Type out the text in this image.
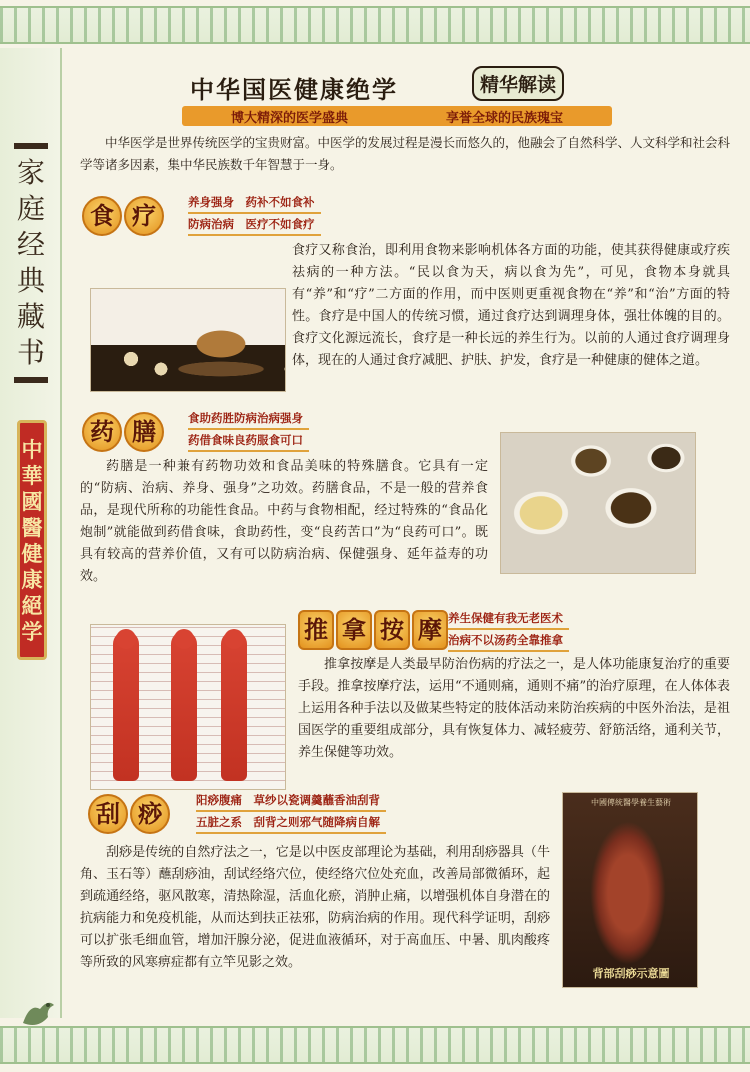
家庭经典藏书
中華國醫健康絕学
中华国医健康绝学	精华解读
博大精深的医学盛典	享誉全球的民族瑰宝
中华医学是世界传统医学的宝贵财富。中医学的发展过程是漫长而悠久的，他融会了自然科学、人文科学和社会科学等诸多因素，集中华民族数千年智慧于一身。
食 疗	养身强身　药补不如食补
防病治病　医疗不如食疗
食疗又称食治，即利用食物来影响机体各方面的功能，使其获得健康或疗疾祛病的一种方法。“民以食为天，病以食为先”，可见，食物本身就具有“养”和“疗”二方面的作用，而中医则更重视食物在“养”和“治”方面的特性。食疗是中国人的传统习惯，通过食疗达到调理身体，强壮体魄的目的。食疗文化源远流长，食疗是一种长远的养生行为。以前的人通过食疗调理身体，现在的人通过食疗减肥、护肤、护发，食疗是一种健康的健体之道。
药 膳	食助药胜防病治病强身
药借食味良药服食可口
药膳是一种兼有药物功效和食品美味的特殊膳食。它具有一定的“防病、治病、养身、强身”之功效。药膳食品，不是一般的营养食品，是现代所称的功能性食品。中药与食物相配，经过特殊的“食品化炮制”就能做到药借食味，食助药性，变“良药苦口”为“良药可口”。既具有较高的营养价值，又有可以防病治病、保健强身、延年益寿的功效。
推 拿 按 摩 养生保健有我无老医术
治病不以汤药全靠推拿
推拿按摩是人类最早防治伤病的疗法之一，是人体功能康复治疗的重要手段。推拿按摩疗法，运用“不通则痛，通则不痛”的治疗原理，在人体体表上运用各种手法以及做某些特定的肢体活动来防治疾病的中医外治法，是祖国医学的重要组成部分，具有恢复体力、减轻疲劳、舒筋活络，通利关节，养生保健等功效。
刮 痧	阳痧腹痛　草纱以瓷调羹蘸香油刮背
五脏之系　刮背之则邪气随降病自解
中國傳統醫學養生藝術
背部刮痧示意圖
刮痧是传统的自然疗法之一，它是以中医皮部理论为基础，利用刮痧器具（牛角、玉石等）蘸刮痧油，刮试经络穴位，使经络穴位处充血，改善局部微循环，起到疏通经络，驱风散寒，清热除湿，活血化瘀，消肿止痛，以增强机体自身潜在的抗病能力和免疫机能，从而达到扶正祛邪，防病治病的作用。现代科学证明，刮痧可以扩张毛细血管，增加汗腺分泌，促进血液循环，对于高血压、中暑、肌肉酸疼等所致的风寒痹症都有立竿见影之效。
